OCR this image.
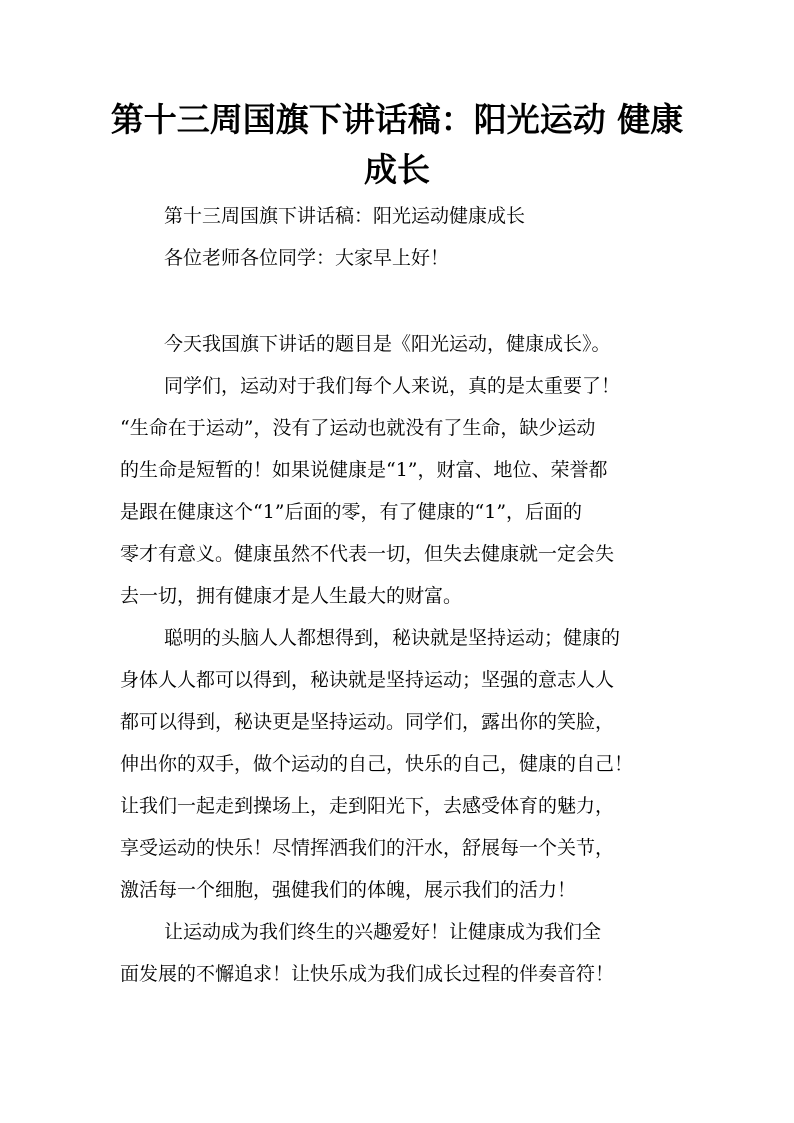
第十三周国旗下讲话稿：阳光运动 健康
成长
第十三周国旗下讲话稿：阳光运动健康成长
各位老师各位同学：大家早上好！
今天我国旗下讲话的题目是《阳光运动，健康成长》。
同学们，运动对于我们每个人来说，真的是太重要了！
“生命在于运动”，没有了运动也就没有了生命，缺少运动
的生命是短暂的！如果说健康是“1”，财富、地位、荣誉都
是跟在健康这个“1”后面的零，有了健康的“1”，后面的
零才有意义。健康虽然不代表一切，但失去健康就一定会失
去一切，拥有健康才是人生最大的财富。
聪明的头脑人人都想得到，秘诀就是坚持运动；健康的
身体人人都可以得到，秘诀就是坚持运动；坚强的意志人人
都可以得到，秘诀更是坚持运动。同学们，露出你的笑脸，
伸出你的双手，做个运动的自己，快乐的自己，健康的自己！
让我们一起走到操场上，走到阳光下，去感受体育的魅力，
享受运动的快乐！尽情挥洒我们的汗水，舒展每一个关节，
激活每一个细胞，强健我们的体魄，展示我们的活力！
让运动成为我们终生的兴趣爱好！让健康成为我们全
面发展的不懈追求！让快乐成为我们成长过程的伴奏音符！
